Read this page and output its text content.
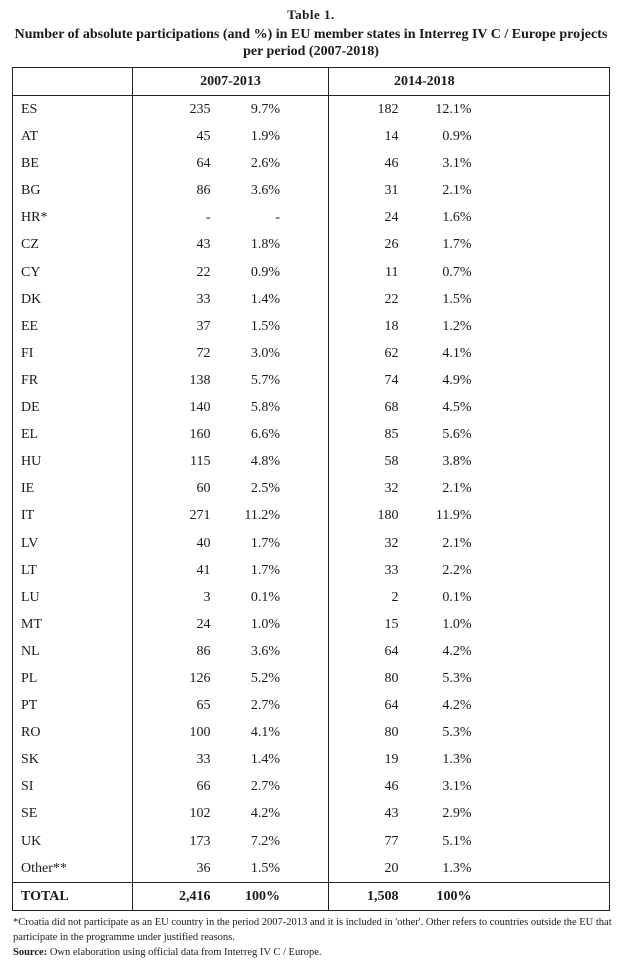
Table 1.
Number of absolute participations (and %) in EU member states in Interreg IV C / Europe projects per period (2007-2018)
	2007-2013		2014-2018		
ES	235	9.7%	182	12.1%	
AT	45	1.9%	14	0.9%	
BE	64	2.6%	46	3.1%	
BG	86	3.6%	31	2.1%	
HR*	-	-	24	1.6%	
CZ	43	1.8%	26	1.7%	
CY	22	0.9%	11	0.7%	
DK	33	1.4%	22	1.5%	
EE	37	1.5%	18	1.2%	
FI	72	3.0%	62	4.1%	
FR	138	5.7%	74	4.9%	
DE	140	5.8%	68	4.5%	
EL	160	6.6%	85	5.6%	
HU	115	4.8%	58	3.8%	
IE	60	2.5%	32	2.1%	
IT	271	11.2%	180	11.9%	
LV	40	1.7%	32	2.1%	
LT	41	1.7%	33	2.2%	
LU	3	0.1%	2	0.1%	
MT	24	1.0%	15	1.0%	
NL	86	3.6%	64	4.2%	
PL	126	5.2%	80	5.3%	
PT	65	2.7%	64	4.2%	
RO	100	4.1%	80	5.3%	
SK	33	1.4%	19	1.3%	
SI	66	2.7%	46	3.1%	
SE	102	4.2%	43	2.9%	
UK	173	7.2%	77	5.1%	
Other**	36	1.5%	20	1.3%	
TOTAL	2,416	100%	1,508	100%	
*Croatia did not participate as an EU country in the period 2007-2013 and it is included in 'other'. Other refers to countries outside the EU that participate in the programme under justified reasons.
Source: Own elaboration using official data from Interreg IV C / Europe.
